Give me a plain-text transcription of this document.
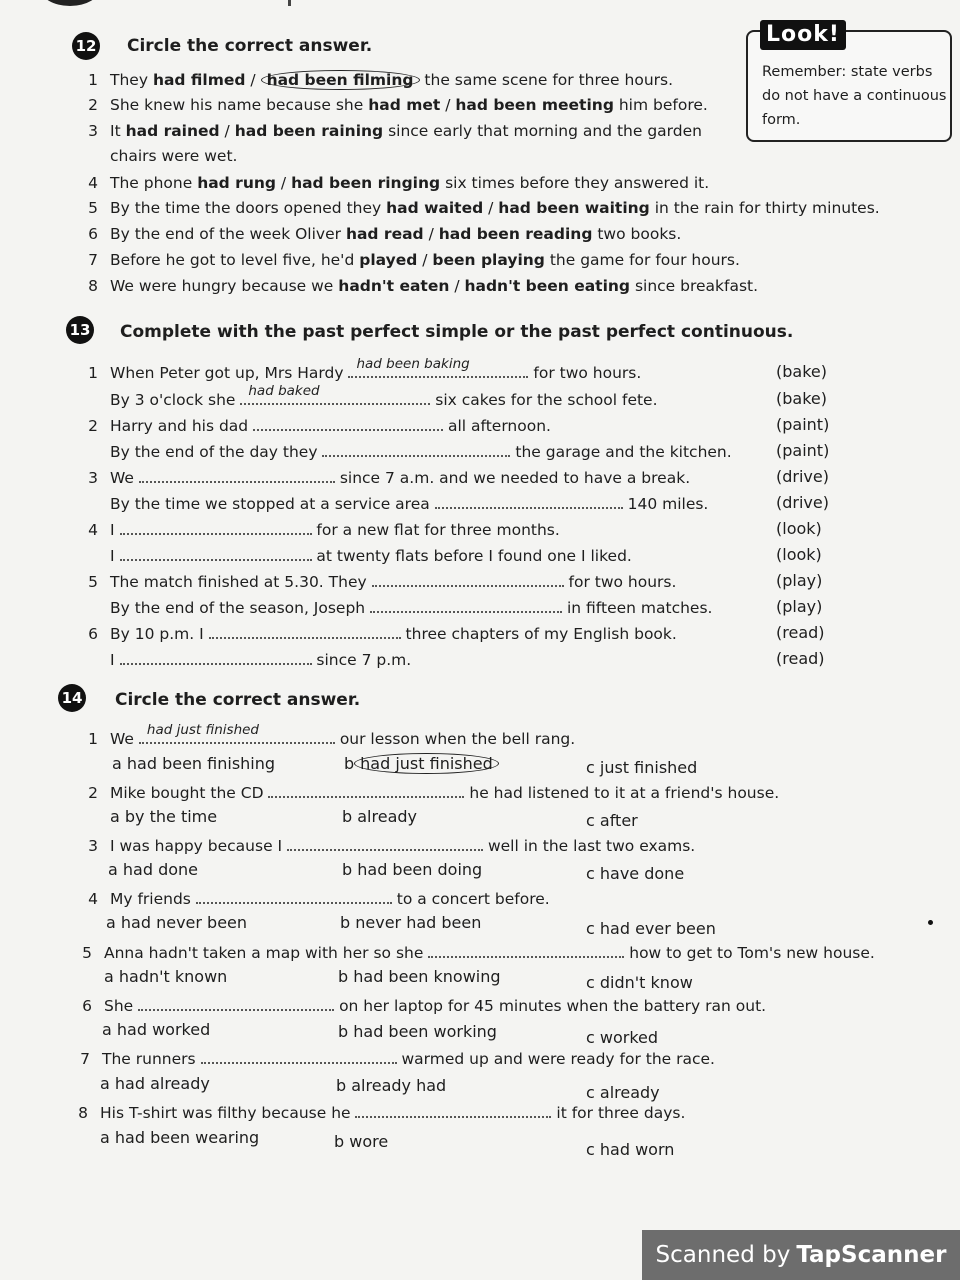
Look!
Remember: state verbs do not have a continuous form.
12 Circle the correct answer.
1 They had filmed / had been filming the same scene for three hours.
2 She knew his name because she had met / had been meeting him before.
3 It had rained / had been raining since early that morning and the garden
chairs were wet.
4 The phone had rung / had been ringing six times before they answered it.
5 By the time the doors opened they had waited / had been waiting in the rain for thirty minutes.
6 By the end of the week Oliver had read / had been reading two books.
7 Before he got to level five, he'd played / been playing the game for four hours.
8 We were hungry because we hadn't eaten / hadn't been eating since breakfast.
13 Complete with the past perfect simple or the past perfect continuous.
1 When Peter got up, Mrs Hardy had been baking	for two hours.	(bake)
By 3 o'clock she had baked	six cakes for the school fete.	(bake)
2 Harry and his dad	all afternoon.	(paint)
By the end of the day they	the garage and the kitchen.	(paint)
3 We	since 7 a.m. and we needed to have a break.	(drive)
By the time we stopped at a service area	140 miles.	(drive)
4 I	for a new flat for three months.	(look)
I	at twenty flats before I found one I liked.	(look)
5 The match finished at 5.30. They	for two hours.	(play)
By the end of the season, Joseph	in fifteen matches.	(play)
6 By 10 p.m. I	three chapters of my English book.	(read)
I	since 7 p.m.	(read)
14 Circle the correct answer.
1 We had just finished	our lesson when the bell rang.
a had been finishing	b had just finished	c just finished
2 Mike bought the CD	he had listened to it at a friend's house.
a by the time	b already	c after
3 I was happy because I	well in the last two exams.
a had done	b had been doing	c have done
4 My friends	to a concert before.
a had never been	b never had been	c had ever been
5 Anna hadn't taken a map with her so she	how to get to Tom's new house.
a hadn't known	b had been knowing	c didn't know
6 She	on her laptop for 45 minutes when the battery ran out.
a had worked	b had been working	c worked
7 The runners	warmed up and were ready for the race.
a had already	b already had	c already
8 His T-shirt was filthy because he	it for three days.
a had been wearing	b wore	c had worn
Scanned by TapScanner
